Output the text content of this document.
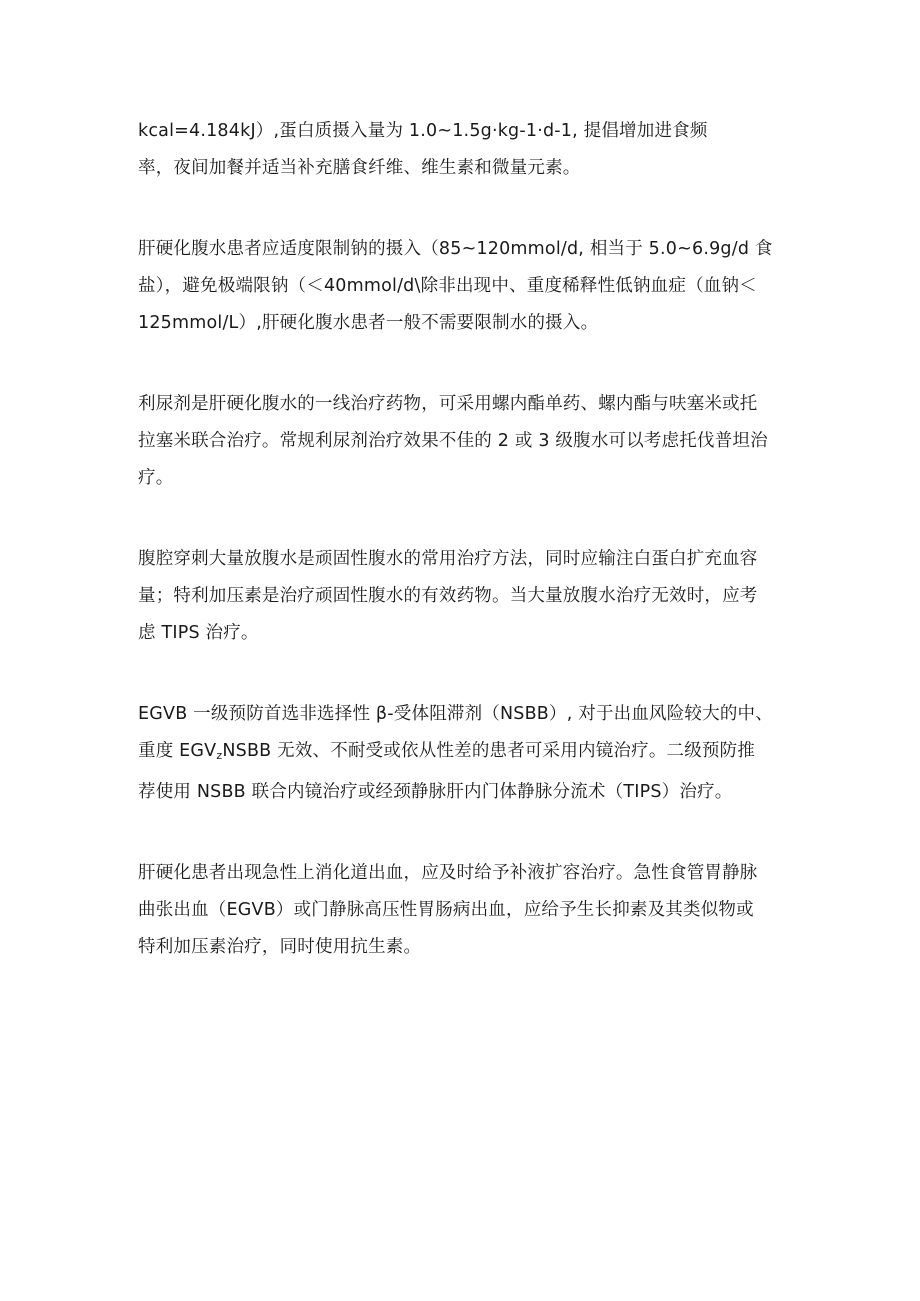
kcal=4.184kJ）,蛋白质摄入量为 1.0~1.5g·kg-1·d-1, 提倡增加进食频
率，夜间加餐并适当补充膳食纤维、维生素和微量元素。

肝硬化腹水患者应适度限制钠的摄入（85~120mmol/d, 相当于 5.0~6.9g/d 食
盐），避免极端限钠（＜40mmol/d\除非出现中、重度稀释性低钠血症（血钠＜
125mmol/L）,肝硬化腹水患者一般不需要限制水的摄入。

利尿剂是肝硬化腹水的一线治疗药物，可采用螺内酯单药、螺内酯与呋塞米或托
拉塞米联合治疗。常规利尿剂治疗效果不佳的 2 或 3 级腹水可以考虑托伐普坦治
疗。

腹腔穿刺大量放腹水是顽固性腹水的常用治疗方法，同时应输注白蛋白扩充血容
量；特利加压素是治疗顽固性腹水的有效药物。当大量放腹水治疗无效时，应考
虑 TIPS 治疗。

EGVB 一级预防首选非选择性 β-受体阻滞剂（NSBB）, 对于出血风险较大的中、
重度 $EGV_zNSBB$ 无效、不耐受或依从性差的患者可采用内镜治疗。二级预防推
荐使用 NSBB 联合内镜治疗或经颈静脉肝内门体静脉分流术（TIPS）治疗。

肝硬化患者出现急性上消化道出血，应及时给予补液扩容治疗。急性食管胃静脉
曲张出血（EGVB）或门静脉高压性胃肠病出血，应给予生长抑素及其类似物或
特利加压素治疗，同时使用抗生素。
